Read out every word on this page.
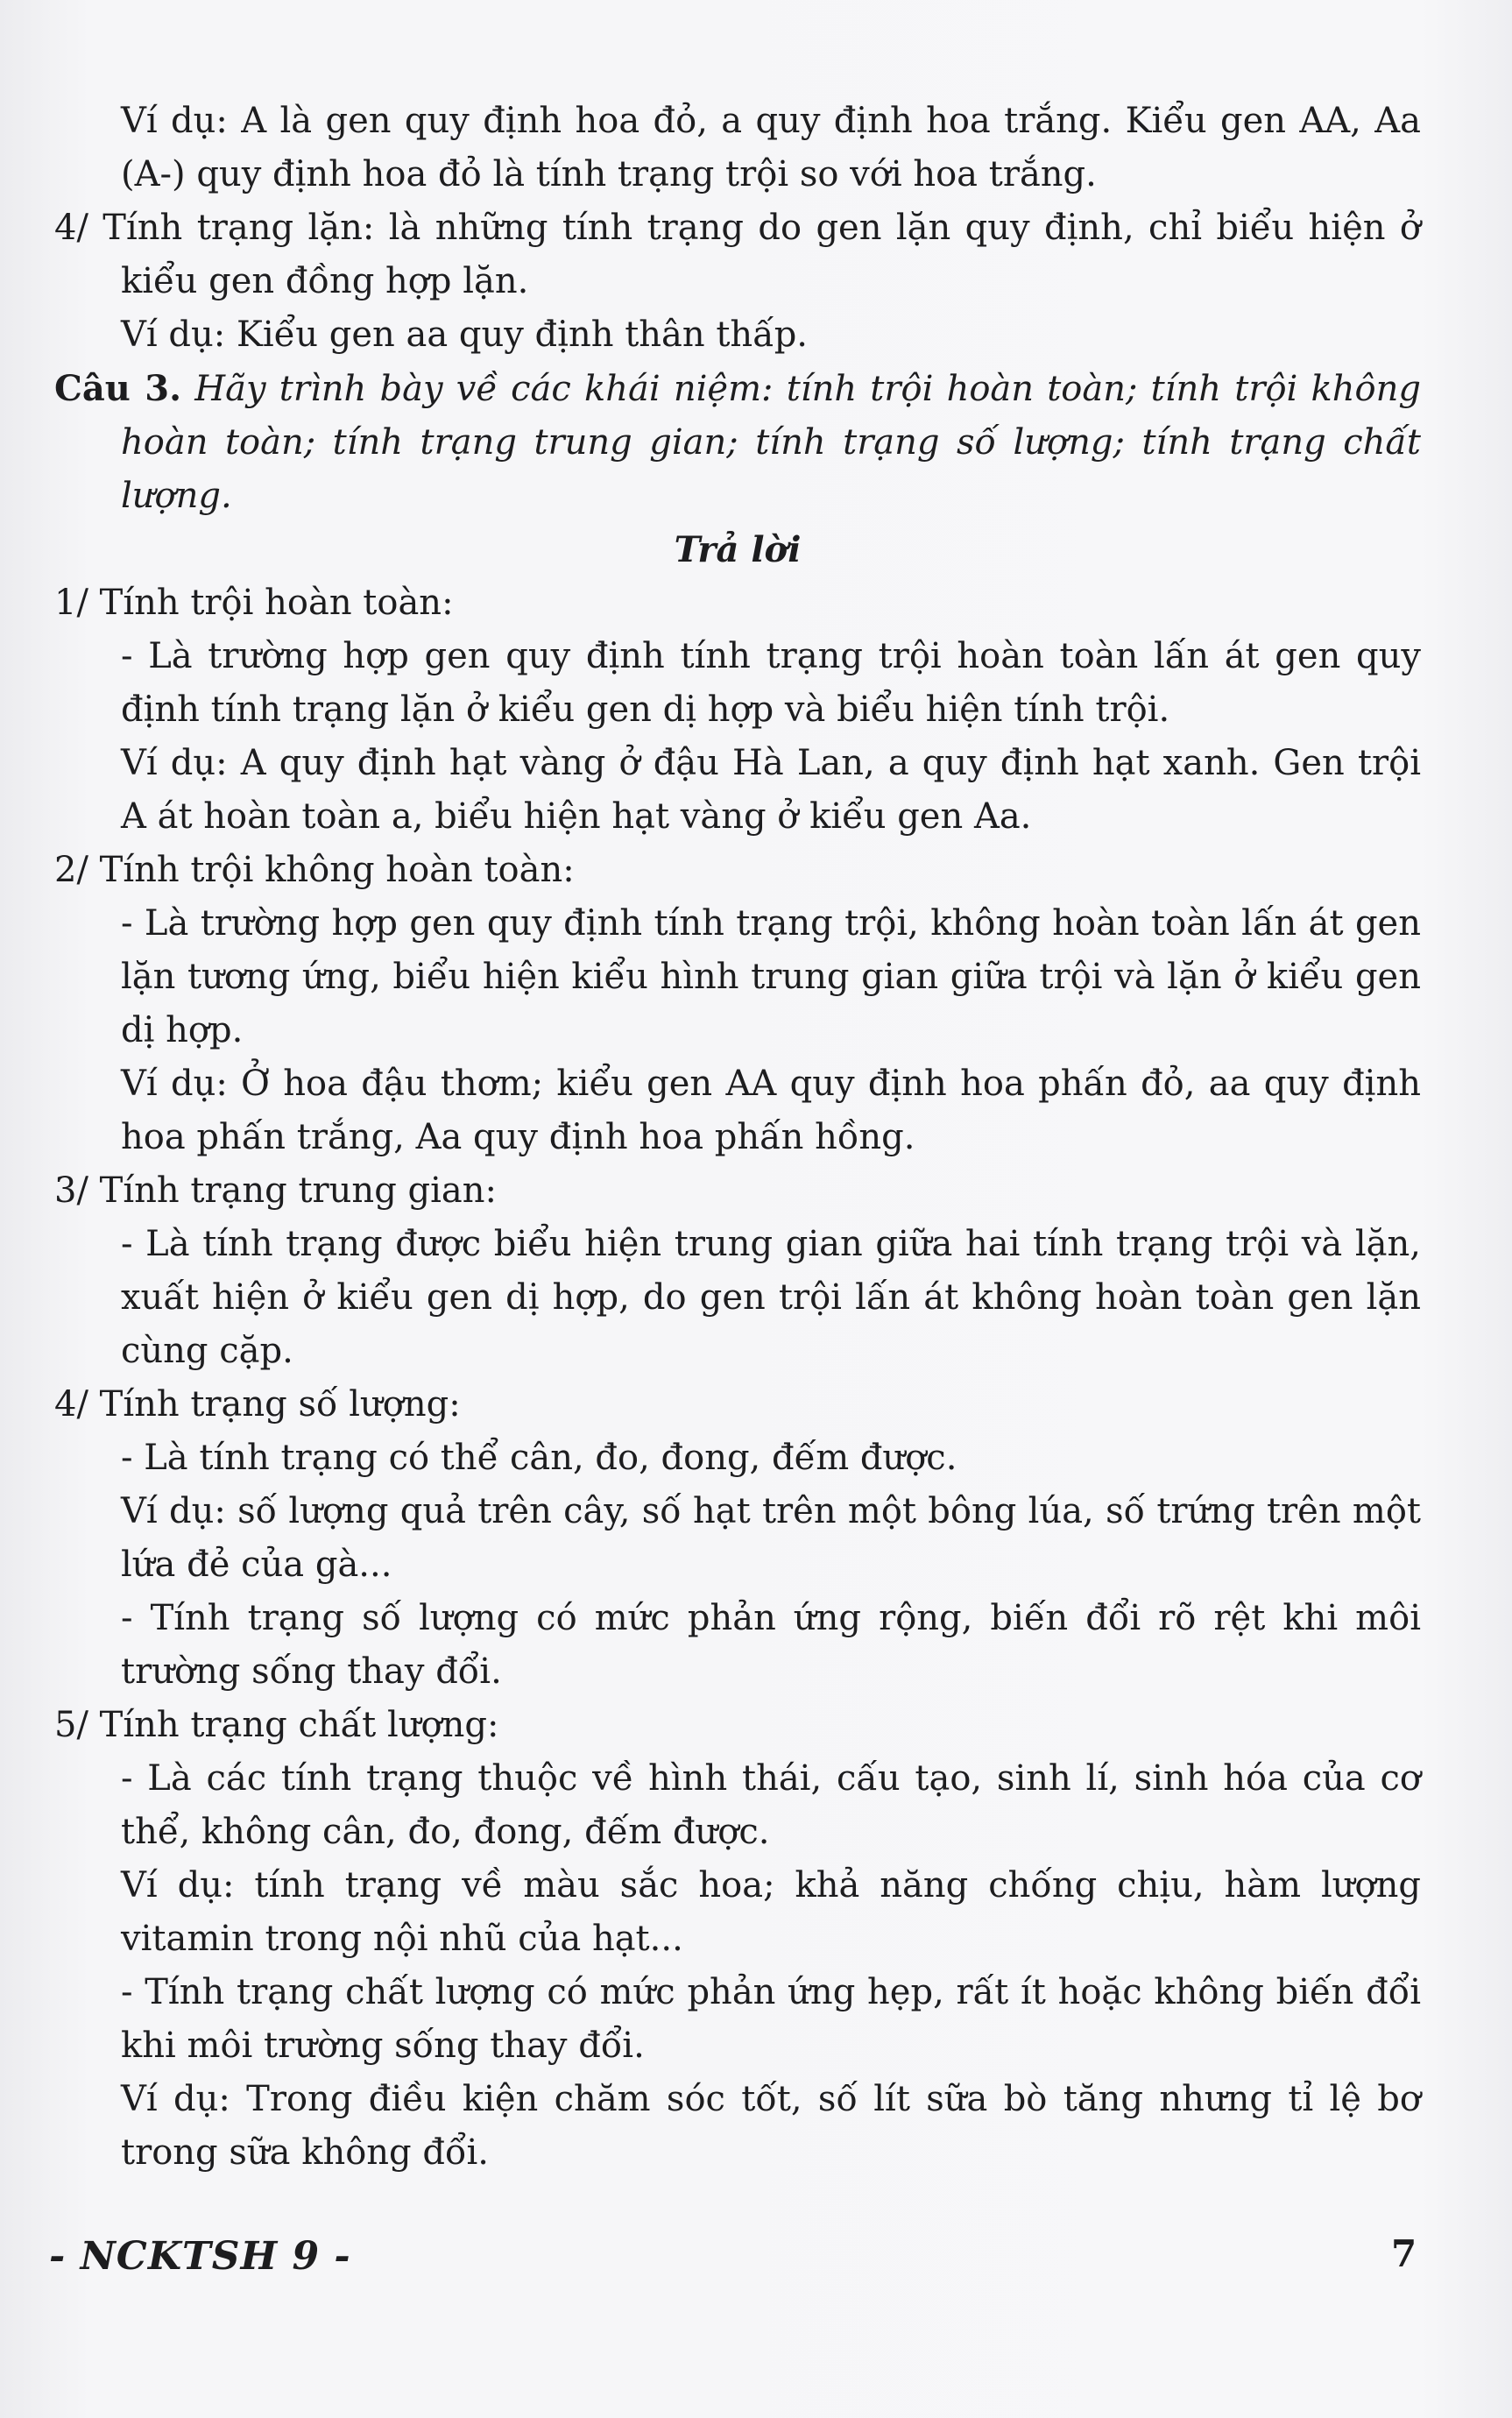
Ví dụ: A là gen quy định hoa đỏ, a quy định hoa trắng. Kiểu gen AA, Aa (A-) quy định hoa đỏ là tính trạng trội so với hoa trắng.

4/ Tính trạng lặn: là những tính trạng do gen lặn quy định, chỉ biểu hiện ở kiểu gen đồng hợp lặn.

Ví dụ: Kiểu gen aa quy định thân thấp.

Câu 3. Hãy trình bày về các khái niệm: tính trội hoàn toàn; tính trội không hoàn toàn; tính trạng trung gian; tính trạng số lượng; tính trạng chất lượng.

Trả lời

1/ Tính trội hoàn toàn:

- Là trường hợp gen quy định tính trạng trội hoàn toàn lấn át gen quy định tính trạng lặn ở kiểu gen dị hợp và biểu hiện tính trội.

Ví dụ: A quy định hạt vàng ở đậu Hà Lan, a quy định hạt xanh. Gen trội A át hoàn toàn a, biểu hiện hạt vàng ở kiểu gen Aa.

2/ Tính trội không hoàn toàn:

- Là trường hợp gen quy định tính trạng trội, không hoàn toàn lấn át gen lặn tương ứng, biểu hiện kiểu hình trung gian giữa trội và lặn ở kiểu gen dị hợp.

Ví dụ: Ở hoa đậu thơm; kiểu gen AA quy định hoa phấn đỏ, aa quy định hoa phấn trắng, Aa quy định hoa phấn hồng.

3/ Tính trạng trung gian:

- Là tính trạng được biểu hiện trung gian giữa hai tính trạng trội và lặn, xuất hiện ở kiểu gen dị hợp, do gen trội lấn át không hoàn toàn gen lặn cùng cặp.

4/ Tính trạng số lượng:

- Là tính trạng có thể cân, đo, đong, đếm được.

Ví dụ: số lượng quả trên cây, số hạt trên một bông lúa, số trứng trên một lứa đẻ của gà...

- Tính trạng số lượng có mức phản ứng rộng, biến đổi rõ rệt khi môi trường sống thay đổi.

5/ Tính trạng chất lượng:

- Là các tính trạng thuộc về hình thái, cấu tạo, sinh lí, sinh hóa của cơ thể, không cân, đo, đong, đếm được.

Ví dụ: tính trạng về màu sắc hoa; khả năng chống chịu, hàm lượng vitamin trong nội nhũ của hạt...

- Tính trạng chất lượng có mức phản ứng hẹp, rất ít hoặc không biến đổi khi môi trường sống thay đổi.

Ví dụ: Trong điều kiện chăm sóc tốt, số lít sữa bò tăng nhưng tỉ lệ bơ trong sữa không đổi.

- NCKTSH 9 -	7
